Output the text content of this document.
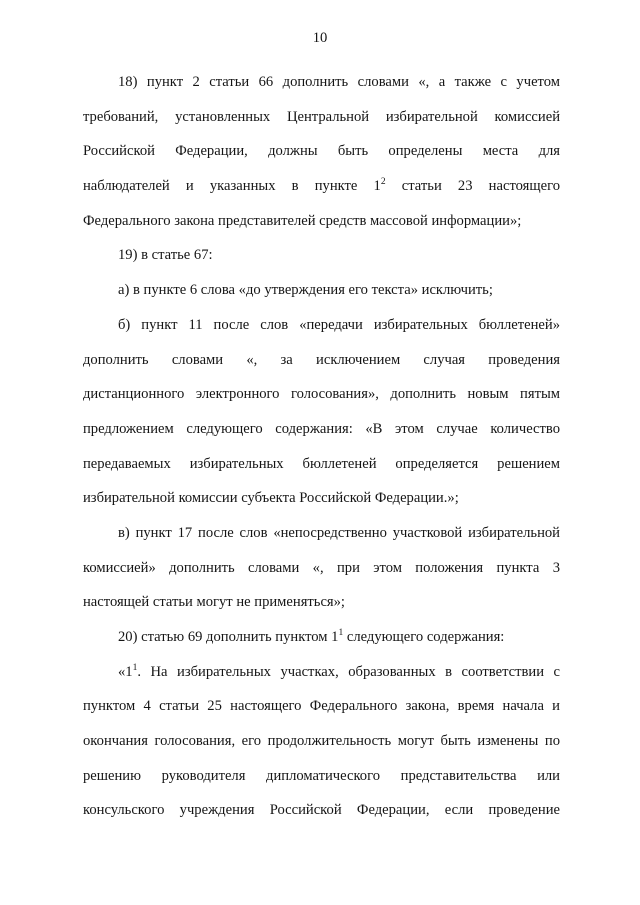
10
18) пункт 2 статьи 66 дополнить словами «, а также с учетом
требований, установленных Центральной избирательной комиссией
Российской Федерации, должны быть определены места для
наблюдателей и указанных в пункте $1^2$ статьи 23 настоящего
Федерального закона представителей средств массовой информации»;
19) в статье 67:
а) в пункте 6 слова «до утверждения его текста» исключить;
б) пункт 11 после слов «передачи избирательных бюллетеней»
дополнить словами «, за исключением случая проведения
дистанционного электронного голосования», дополнить новым пятым
предложением следующего содержания: «В этом случае количество
передаваемых избирательных бюллетеней определяется решением
избирательной комиссии субъекта Российской Федерации.»;
в) пункт 17 после слов «непосредственно участковой избирательной
комиссией» дополнить словами «, при этом положения пункта 3
настоящей статьи могут не применяться»;
20) статью 69 дополнить пунктом $1^1$ следующего содержания:
«$1^1$. На избирательных участках, образованных в соответствии с
пунктом 4 статьи 25 настоящего Федерального закона, время начала и
окончания голосования, его продолжительность могут быть изменены по
решению руководителя дипломатического представительства или
консульского учреждения Российской Федерации, если проведение
